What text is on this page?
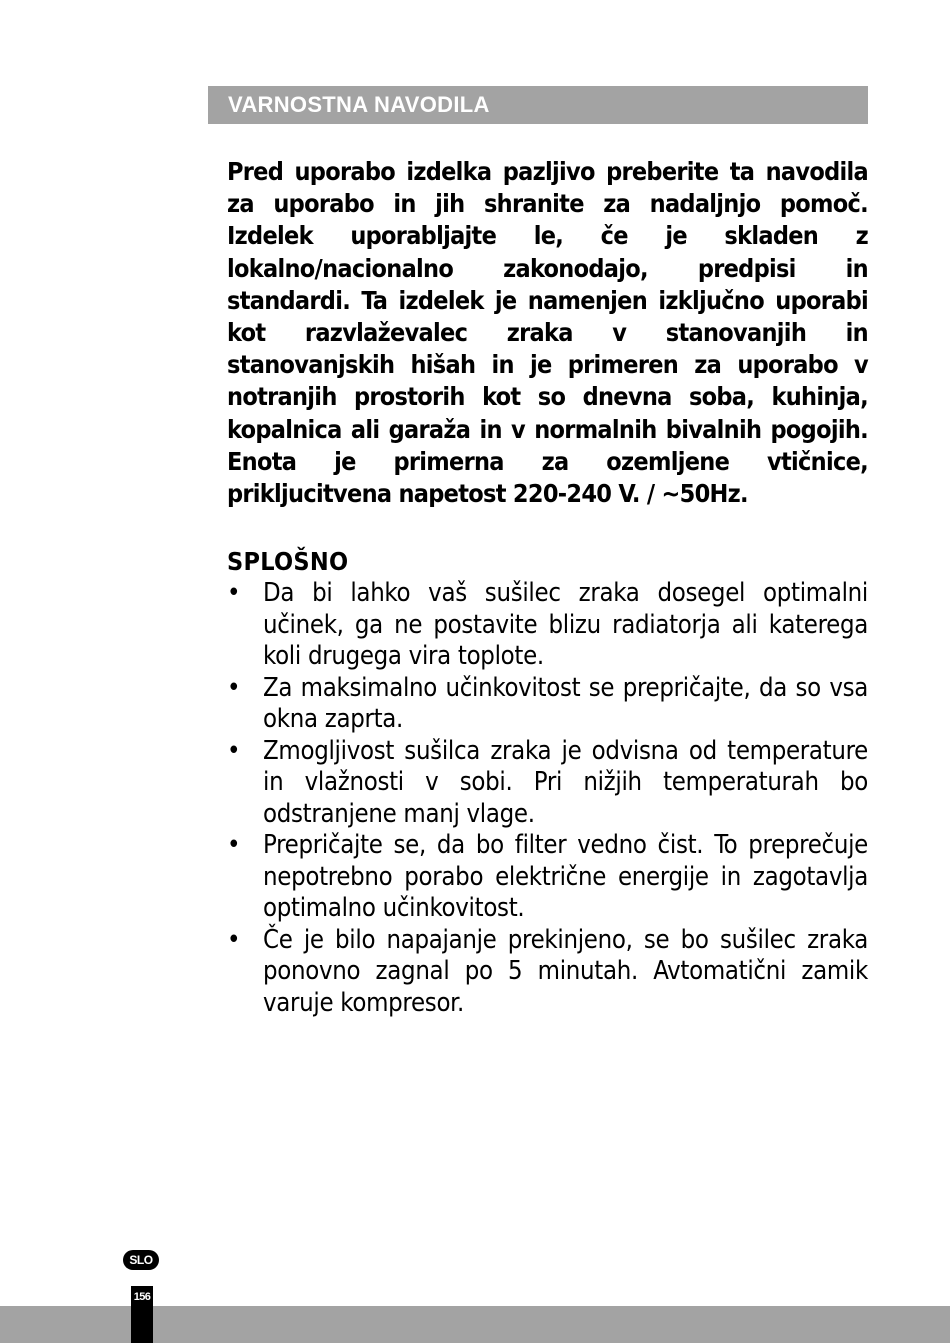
VARNOSTNA NAVODILA

Pred uporabo izdelka pazljivo preberite ta navodila za uporabo in jih shranite za nadaljnjo pomoč. Izdelek uporabljajte le, če je skladen z lokalno/nacionalno zakonodajo, predpisi in standardi. Ta izdelek je namenjen izključno uporabi kot razvlaževalec zraka v stanovanjih in stanovanjskih hišah in je primeren za uporabo v notranjih prostorih kot so dnevna soba, kuhinja, kopalnica ali garaža in v normalnih bivalnih pogojih. Enota je primerna za ozemljene vtičnice, prikljucitvena napetost 220-240 V. / ~50Hz.

SPLOŠNO
• Da bi lahko vaš sušilec zraka dosegel optimalni učinek, ga ne postavite blizu radiatorja ali katerega koli drugega vira toplote.
• Za maksimalno učinkovitost se prepričajte, da so vsa okna zaprta.
• Zmogljivost sušilca zraka je odvisna od temperature in vlažnosti v sobi. Pri nižjih temperaturah bo odstranjene manj vlage.
• Prepričajte se, da bo filter vedno čist. To preprečuje nepotrebno porabo električne energije in zagotavlja optimalno učinkovitost.
• Če je bilo napajanje prekinjeno, se bo sušilec zraka ponovno zagnal po 5 minutah. Avtomatični zamik varuje kompresor.
SLO
156
